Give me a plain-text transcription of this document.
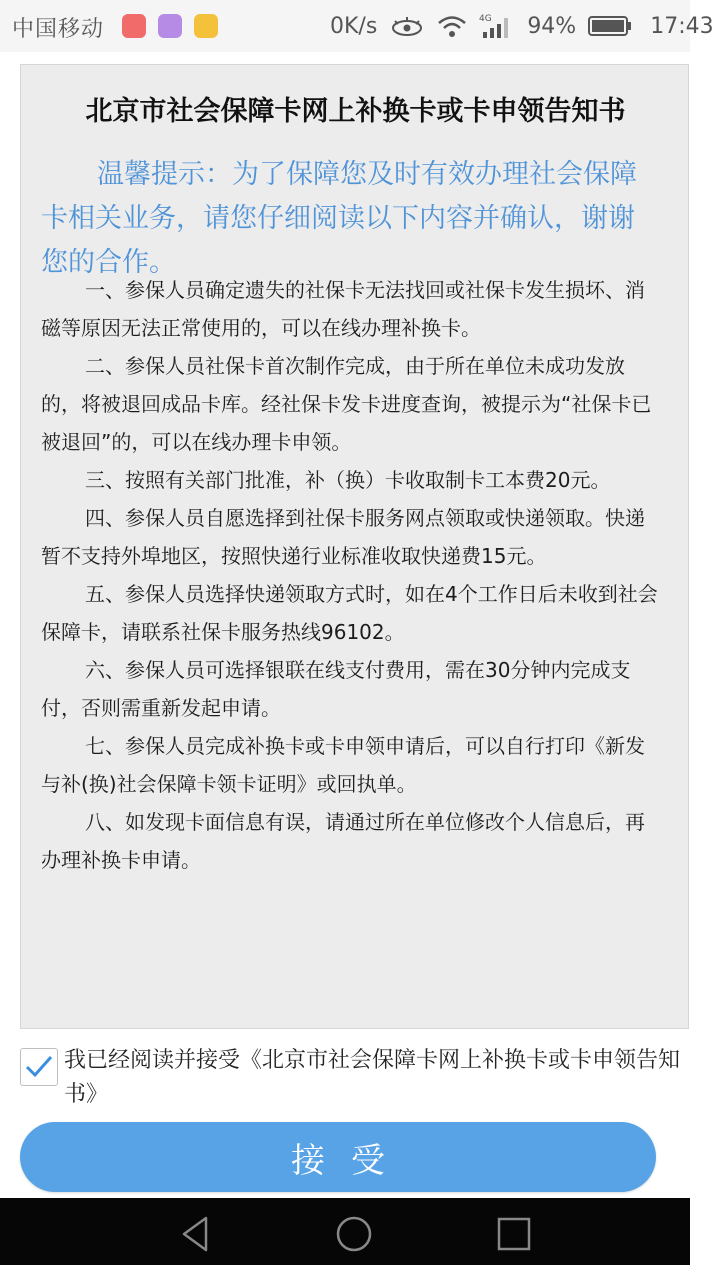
中国移动	0K/s	4G 94%	17:43
北京市社会保障卡网上补换卡或卡申领告知书
温馨提示：为了保障您及时有效办理社会保障卡相关业务，请您仔细阅读以下内容并确认，谢谢您的合作。

一、参保人员确定遗失的社保卡无法找回或社保卡发生损坏、消磁等原因无法正常使用的，可以在线办理补换卡。

二、参保人员社保卡首次制作完成，由于所在单位未成功发放的，将被退回成品卡库。经社保卡发卡进度查询，被提示为“社保卡已被退回”的，可以在线办理卡申领。

三、按照有关部门批准，补（换）卡收取制卡工本费20元。

四、参保人员自愿选择到社保卡服务网点领取或快递领取。快递暂不支持外埠地区，按照快递行业标准收取快递费15元。

五、参保人员选择快递领取方式时，如在4个工作日后未收到社会保障卡，请联系社保卡服务热线96102。

六、参保人员可选择银联在线支付费用，需在30分钟内完成支付，否则需重新发起申请。

七、参保人员完成补换卡或卡申领申请后，可以自行打印《新发与补(换)社会保障卡领卡证明》或回执单。

八、如发现卡面信息有误，请通过所在单位修改个人信息后，再办理补换卡申请。

我已经阅读并接受《北京市社会保障卡网上补换卡或卡申领告知书》
接受
